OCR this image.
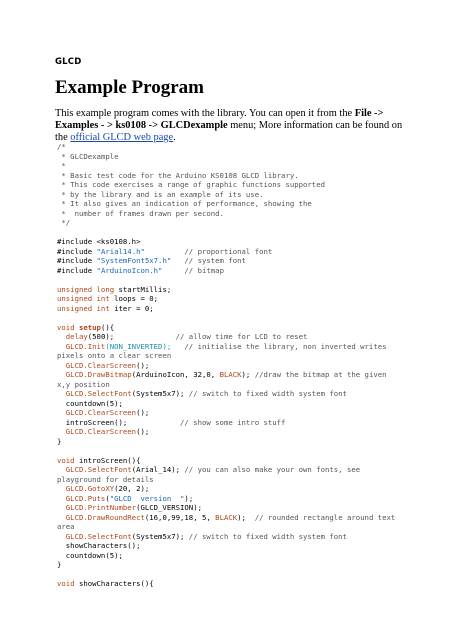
GLCD
Example Program
This example program comes with the library. You can open it from the File -> Examples - > ks0108 -> GLCDexample menu; More information can be found on the official GLCD web page.
/*
* GLCDexample
*
* Basic test code for the Arduino KS0108 GLCD library.
* This code exercises a range of graphic functions supported
* by the library and is an example of its use.
* It also gives an indication of performance, showing the
*  number of frames drawn per second.
*/

#include <ks0108.h>
#include "Arial14.h"         // proportional font
#include "SystemFont5x7.h"   // system font
#include "ArduinoIcon.h"     // bitmap

unsigned long startMillis;
unsigned int loops = 0;
unsigned int iter = 0;

void setup(){
delay(500);              // allow time for LCD to reset
GLCD.Init(NON_INVERTED);   // initialise the library, non inverted writes
pixels onto a clear screen
GLCD.ClearScreen();
GLCD.DrawBitmap(ArduinoIcon, 32,0, BLACK); //draw the bitmap at the given
x,y position
GLCD.SelectFont(System5x7); // switch to fixed width system font
countdown(5);
GLCD.ClearScreen();
introScreen();            // show some intro stuff
GLCD.ClearScreen();
}

void introScreen(){
GLCD.SelectFont(Arial_14); // you can also make your own fonts, see
playground for details
GLCD.GotoXY(20, 2);
GLCD.Puts("GLCD  version  ");
GLCD.PrintNumber(GLCD_VERSION);
GLCD.DrawRoundRect(16,0,99,18, 5, BLACK);  // rounded rectangle around text
area
GLCD.SelectFont(System5x7); // switch to fixed width system font
showCharacters();
countdown(5);
}

void showCharacters(){
